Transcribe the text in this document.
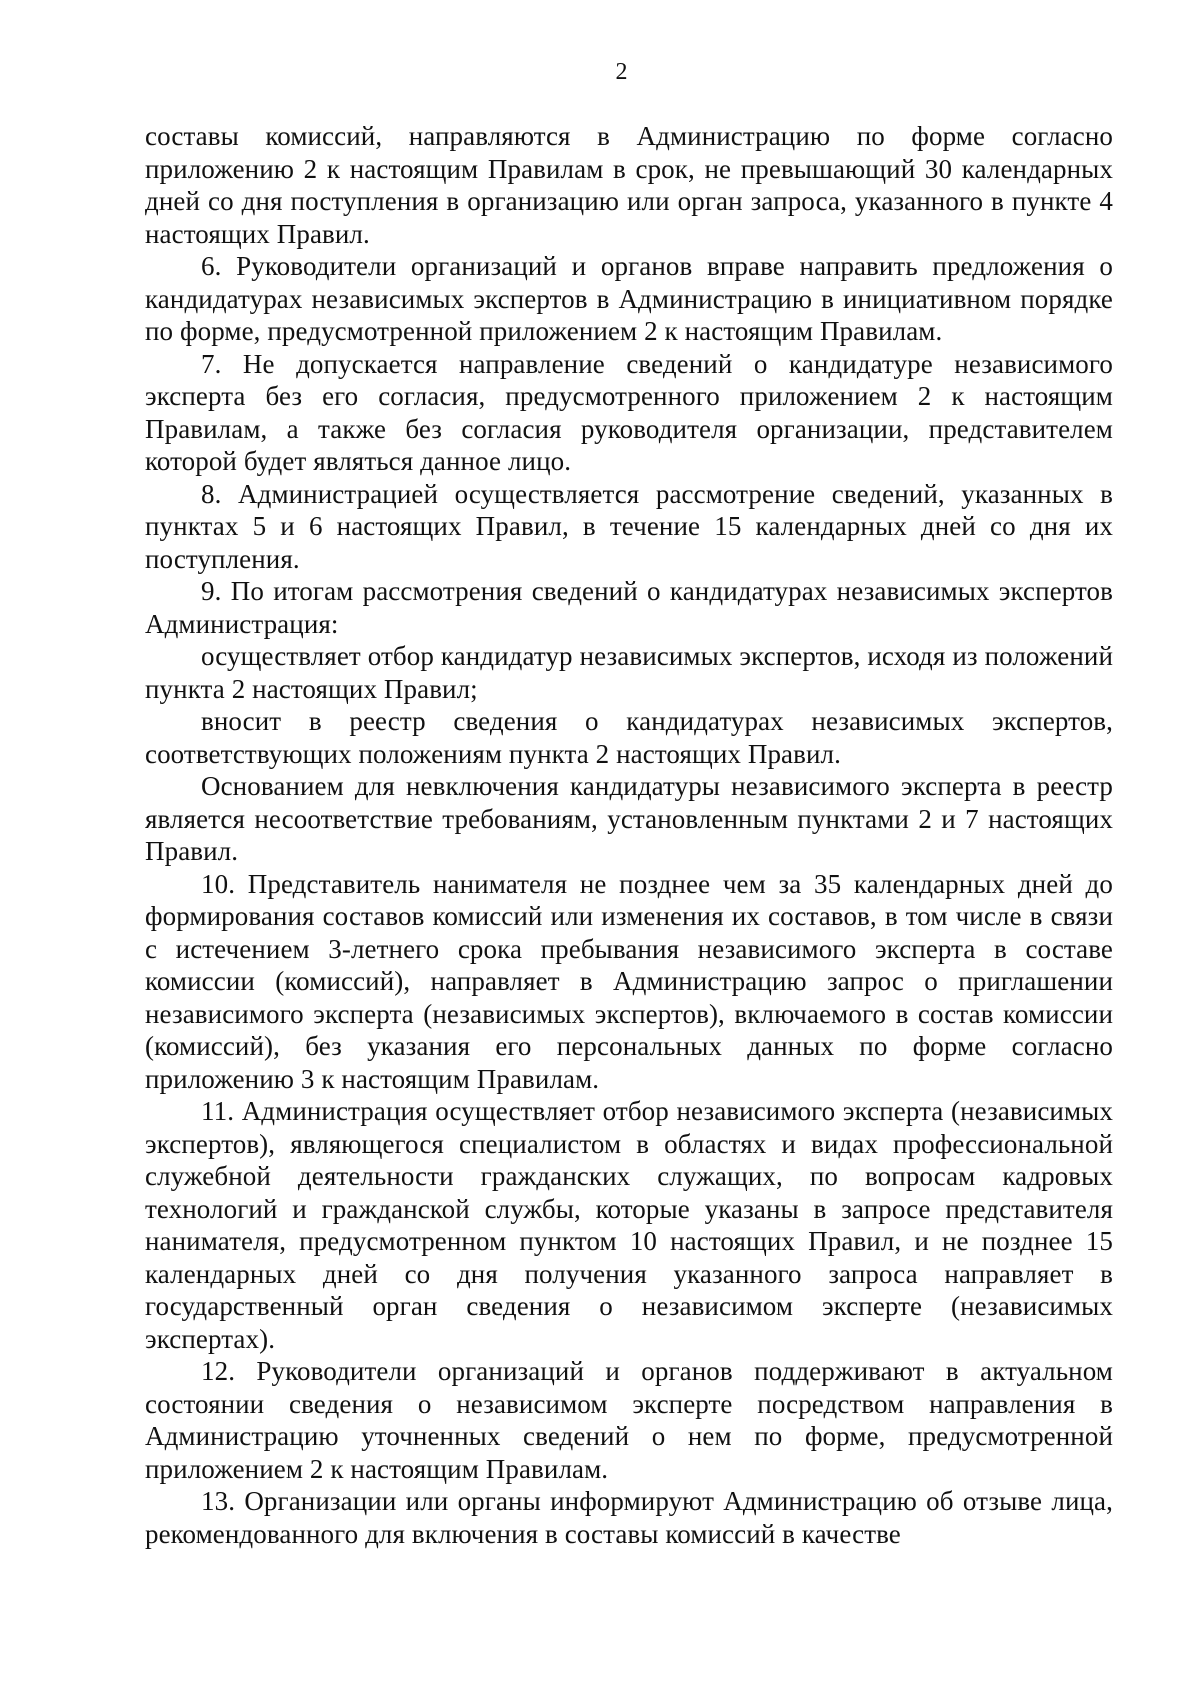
2

составы комиссий, направляются в Администрацию по форме согласно приложению 2 к настоящим Правилам в срок, не превышающий 30 календарных дней со дня поступления в организацию или орган запроса, указанного в пункте 4 настоящих Правил.

6. Руководители организаций и органов вправе направить предложения о кандидатурах независимых экспертов в Администрацию в инициативном порядке по форме, предусмотренной приложением 2 к настоящим Правилам.

7. Не допускается направление сведений о кандидатуре независимого эксперта без его согласия, предусмотренного приложением 2 к настоящим Правилам, а также без согласия руководителя организации, представителем которой будет являться данное лицо.

8. Администрацией осуществляется рассмотрение сведений, указанных в пунктах 5 и 6 настоящих Правил, в течение 15 календарных дней со дня их поступления.

9. По итогам рассмотрения сведений о кандидатурах независимых экспертов Администрация:

осуществляет отбор кандидатур независимых экспертов, исходя из положений пункта 2 настоящих Правил;

вносит в реестр сведения о кандидатурах независимых экспертов, соответствующих положениям пункта 2 настоящих Правил.

Основанием для невключения кандидатуры независимого эксперта в реестр является несоответствие требованиям, установленным пунктами 2 и 7 настоящих Правил.

10. Представитель нанимателя не позднее чем за 35 календарных дней до формирования составов комиссий или изменения их составов, в том числе в связи с истечением 3-летнего срока пребывания независимого эксперта в составе комиссии (комиссий), направляет в Администрацию запрос о приглашении независимого эксперта (независимых экспертов), включаемого в состав комиссии (комиссий), без указания его персональных данных по форме согласно приложению 3 к настоящим Правилам.

11. Администрация осуществляет отбор независимого эксперта (независимых экспертов), являющегося специалистом в областях и видах профессиональной служебной деятельности гражданских служащих, по вопросам кадровых технологий и гражданской службы, которые указаны в запросе представителя нанимателя, предусмотренном пунктом 10 настоящих Правил, и не позднее 15 календарных дней со дня получения указанного запроса направляет в государственный орган сведения о независимом эксперте (независимых экспертах).

12. Руководители организаций и органов поддерживают в актуальном состоянии сведения о независимом эксперте посредством направления в Администрацию уточненных сведений о нем по форме, предусмотренной приложением 2 к настоящим Правилам.

13. Организации или органы информируют Администрацию об отзыве лица, рекомендованного для включения в составы комиссий в качестве
